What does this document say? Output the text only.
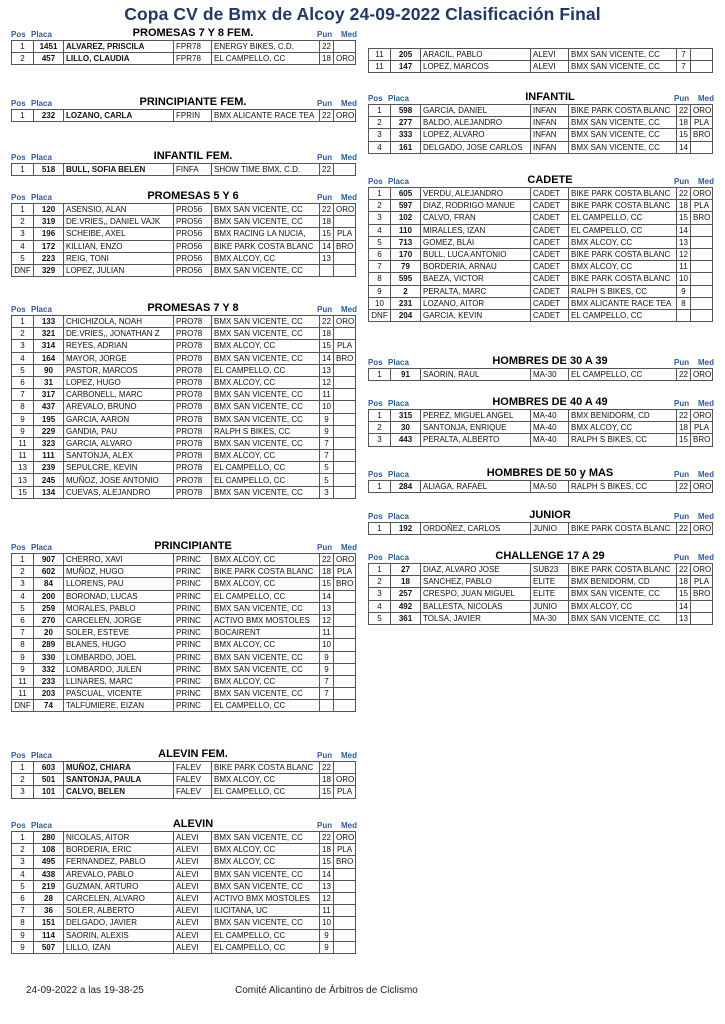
Copa CV de Bmx de Alcoy 24-09-2022 Clasificación Final
Pos Placa	PROMESAS 7 Y 8 FEM.	Pun Med
1	1451	ALVAREZ, PRISCILA	FPR78	ENERGY BIKES, C.D.	22	
2	457	LILLO, CLAUDIA	FPR78	EL CAMPELLO, CC	18	ORO
Pos Placa	PRINCIPIANTE FEM.	Pun Med
1	232	LOZANO, CARLA	FPRIN	BMX ALICANTE RACE TEA	22	ORO
Pos Placa	INFANTIL FEM.	Pun Med
1	518	BULL, SOFIA BELEN	FINFA	SHOW TIME BMX, C.D.	22	
Pos Placa	PROMESAS 5 Y 6	Pun Med
1	120	ASENSIO, ALAN	PRO56	BMX SAN VICENTE, CC	22	ORO
2	319	DE.VRIES,, DANIEL VAJK	PRO56	BMX SAN VICENTE, CC	18	
3	196	SCHEIBE, AXEL	PRO56	BMX RACING LA NUCIA,	15	PLA
4	172	KILLIAN, ENZO	PRO56	BIKE PARK COSTA BLANC	14	BRO
5	223	REIG, TONI	PRO56	BMX ALCOY, CC	13	
DNF	329	LOPEZ, JULIAN	PRO56	BMX SAN VICENTE, CC		
Pos Placa	PROMESAS 7 Y 8	Pun Med
1	133	CHICHIZOLA, NOAH	PRO78	BMX SAN VICENTE, CC	22	ORO
2	321	DE.VRIES,, JONATHAN Z	PRO78	BMX SAN VICENTE, CC	18	
3	314	REYES, ADRIAN	PRO78	BMX ALCOY, CC	15	PLA
4	164	MAYOR, JORGE	PRO78	BMX SAN VICENTE, CC	14	BRO
5	90	PASTOR, MARCOS	PRO78	EL CAMPELLO, CC	13	
6	31	LOPEZ, HUGO	PRO78	BMX ALCOY, CC	12	
7	317	CARBONELL, MARC	PRO78	BMX SAN VICENTE, CC	11	
8	437	AREVALO, BRUNO	PRO78	BMX SAN VICENTE, CC	10	
9	195	GARCIA, AARON	PRO78	BMX SAN VICENTE, CC	9	
9	229	GANDIA, PAU	PRO78	RALPH S BIKES, CC	9	
11	323	GARCIA, ALVARO	PRO78	BMX SAN VICENTE, CC	7	
11	111	SANTONJA, ALEX	PRO78	BMX ALCOY, CC	7	
13	239	SEPULCRE, KEVIN	PRO78	EL CAMPELLO, CC	5	
13	245	MUÑOZ, JOSE ANTONIO	PRO78	EL CAMPELLO, CC	5	
15	134	CUEVAS, ALEJANDRO	PRO78	BMX SAN VICENTE, CC	3	
Pos Placa	PRINCIPIANTE	Pun Med
1	907	CHERRO, XAVI	PRINC	BMX ALCOY, CC	22	ORO
2	602	MUÑOZ, HUGO	PRINC	BIKE PARK COSTA BLANC	18	PLA
3	84	LLORENS, PAU	PRINC	BMX ALCOY, CC	15	BRO
4	200	BORONAD, LUCAS	PRINC	EL CAMPELLO, CC	14	
5	259	MORALES, PABLO	PRINC	BMX SAN VICENTE, CC	13	
6	270	CARCELEN, JORGE	PRINC	ACTIVO BMX MOSTOLES	12	
7	20	SOLER, ESTEVE	PRINC	BOCAIRENT	11	
8	289	BLANES, HUGO	PRINC	BMX ALCOY, CC	10	
9	330	LOMBARDO, JOEL	PRINC	BMX SAN VICENTE, CC	9	
9	332	LOMBARDO, JULEN	PRINC	BMX SAN VICENTE, CC	9	
11	233	LLINARES, MARC	PRINC	BMX ALCOY, CC	7	
11	203	PASCUAL, VICENTE	PRINC	BMX SAN VICENTE, CC	7	
DNF	74	TALFUMIERE, EIZAN	PRINC	EL CAMPELLO, CC		
Pos Placa	ALEVIN FEM.	Pun Med
1	603	MUÑOZ, CHIARA	FALEV	BIKE PARK COSTA BLANC	22	
2	501	SANTONJA, PAULA	FALEV	BMX ALCOY, CC	18	ORO
3	101	CALVO, BELEN	FALEV	EL CAMPELLO, CC	15	PLA
Pos Placa	ALEVIN	Pun Med
1	280	NICOLAS, AITOR	ALEVI	BMX SAN VICENTE, CC	22	ORO
2	108	BORDERIA, ERIC	ALEVI	BMX ALCOY, CC	18	PLA
3	495	FERNANDEZ, PABLO	ALEVI	BMX ALCOY, CC	15	BRO
4	438	AREVALO, PABLO	ALEVI	BMX SAN VICENTE, CC	14	
5	219	GUZMAN, ARTURO	ALEVI	BMX SAN VICENTE, CC	13	
6	28	CARCELEN, ALVARO	ALEVI	ACTIVO BMX MOSTOLES	12	
7	36	SOLER, ALBERTO	ALEVI	ILICITANA, UC	11	
8	151	DELGADO, JAVIER	ALEVI	BMX SAN VICENTE, CC	10	
9	114	SAORIN, ALEXIS	ALEVI	EL CAMPELLO, CC	9	
9	507	LILLO, IZAN	ALEVI	EL CAMPELLO, CC	9	
11	205	ARACIL, PABLO	ALEVI	BMX SAN VICENTE, CC	7	
11	147	LOPEZ, MARCOS	ALEVI	BMX SAN VICENTE, CC	7	
Pos Placa	INFANTIL	Pun Med
1	598	GARCIA, DANIEL	INFAN	BIKE PARK COSTA BLANC	22	ORO
2	277	BALDO, ALEJANDRO	INFAN	BMX SAN VICENTE, CC	18	PLA
3	333	LOPEZ, ALVARO	INFAN	BMX SAN VICENTE, CC	15	BRO
4	161	DELGADO, JOSE CARLOS	INFAN	BMX SAN VICENTE, CC	14	
Pos Placa	CADETE	Pun Med
1	605	VERDU, ALEJANDRO	CADET	BIKE PARK COSTA BLANC	22	ORO
2	597	DIAZ, RODRIGO MANUE	CADET	BIKE PARK COSTA BLANC	18	PLA
3	102	CALVO, FRAN	CADET	EL CAMPELLO, CC	15	BRO
4	110	MIRALLES, IZAN	CADET	EL CAMPELLO, CC	14	
5	713	GOMEZ, BLAI	CADET	BMX ALCOY, CC	13	
6	170	BULL, LUCA ANTONIO	CADET	BIKE PARK COSTA BLANC	12	
7	79	BORDERIA, ARNAU	CADET	BMX ALCOY, CC	11	
8	595	BAEZA, VICTOR	CADET	BIKE PARK COSTA BLANC	10	
9	2	PERALTA, MARC	CADET	RALPH S BIKES, CC	9	
10	231	LOZANO, AITOR	CADET	BMX ALICANTE RACE TEA	8	
DNF	204	GARCIA, KEVIN	CADET	EL CAMPELLO, CC		
Pos Placa	HOMBRES DE 30 A 39	Pun Med
1	91	SAORIN, RAUL	MA-30	EL CAMPELLO, CC	22	ORO
Pos Placa	HOMBRES DE 40 A 49	Pun Med
1	315	PEREZ, MIGUEL ANGEL	MA-40	BMX BENIDORM, CD	22	ORO
2	30	SANTONJA, ENRIQUE	MA-40	BMX ALCOY, CC	18	PLA
3	443	PERALTA, ALBERTO	MA-40	RALPH S BIKES, CC	15	BRO
Pos Placa	HOMBRES DE 50 y MAS	Pun Med
1	284	ALIAGA, RAFAEL	MA-50	RALPH S BIKES, CC	22	ORO
Pos Placa	JUNIOR	Pun Med
1	192	ORDOÑEZ, CARLOS	JUNIO	BIKE PARK COSTA BLANC	22	ORO
Pos Placa	CHALLENGE 17 A 29	Pun Med
1	27	DIAZ, ALVARO JOSE	SUB23	BIKE PARK COSTA BLANC	22	ORO
2	18	SANCHEZ, PABLO	ELITE	BMX BENIDORM, CD	18	PLA
3	257	CRESPO, JUAN MIGUEL	ELITE	BMX SAN VICENTE, CC	15	BRO
4	492	BALLESTA, NICOLAS	JUNIO	BMX ALCOY, CC	14	
5	361	TOLSA, JAVIER	MA-30	BMX SAN VICENTE, CC	13	
24-09-2022 a las 19-38-25	Comité Alicantino de Árbitros de Ciclismo
